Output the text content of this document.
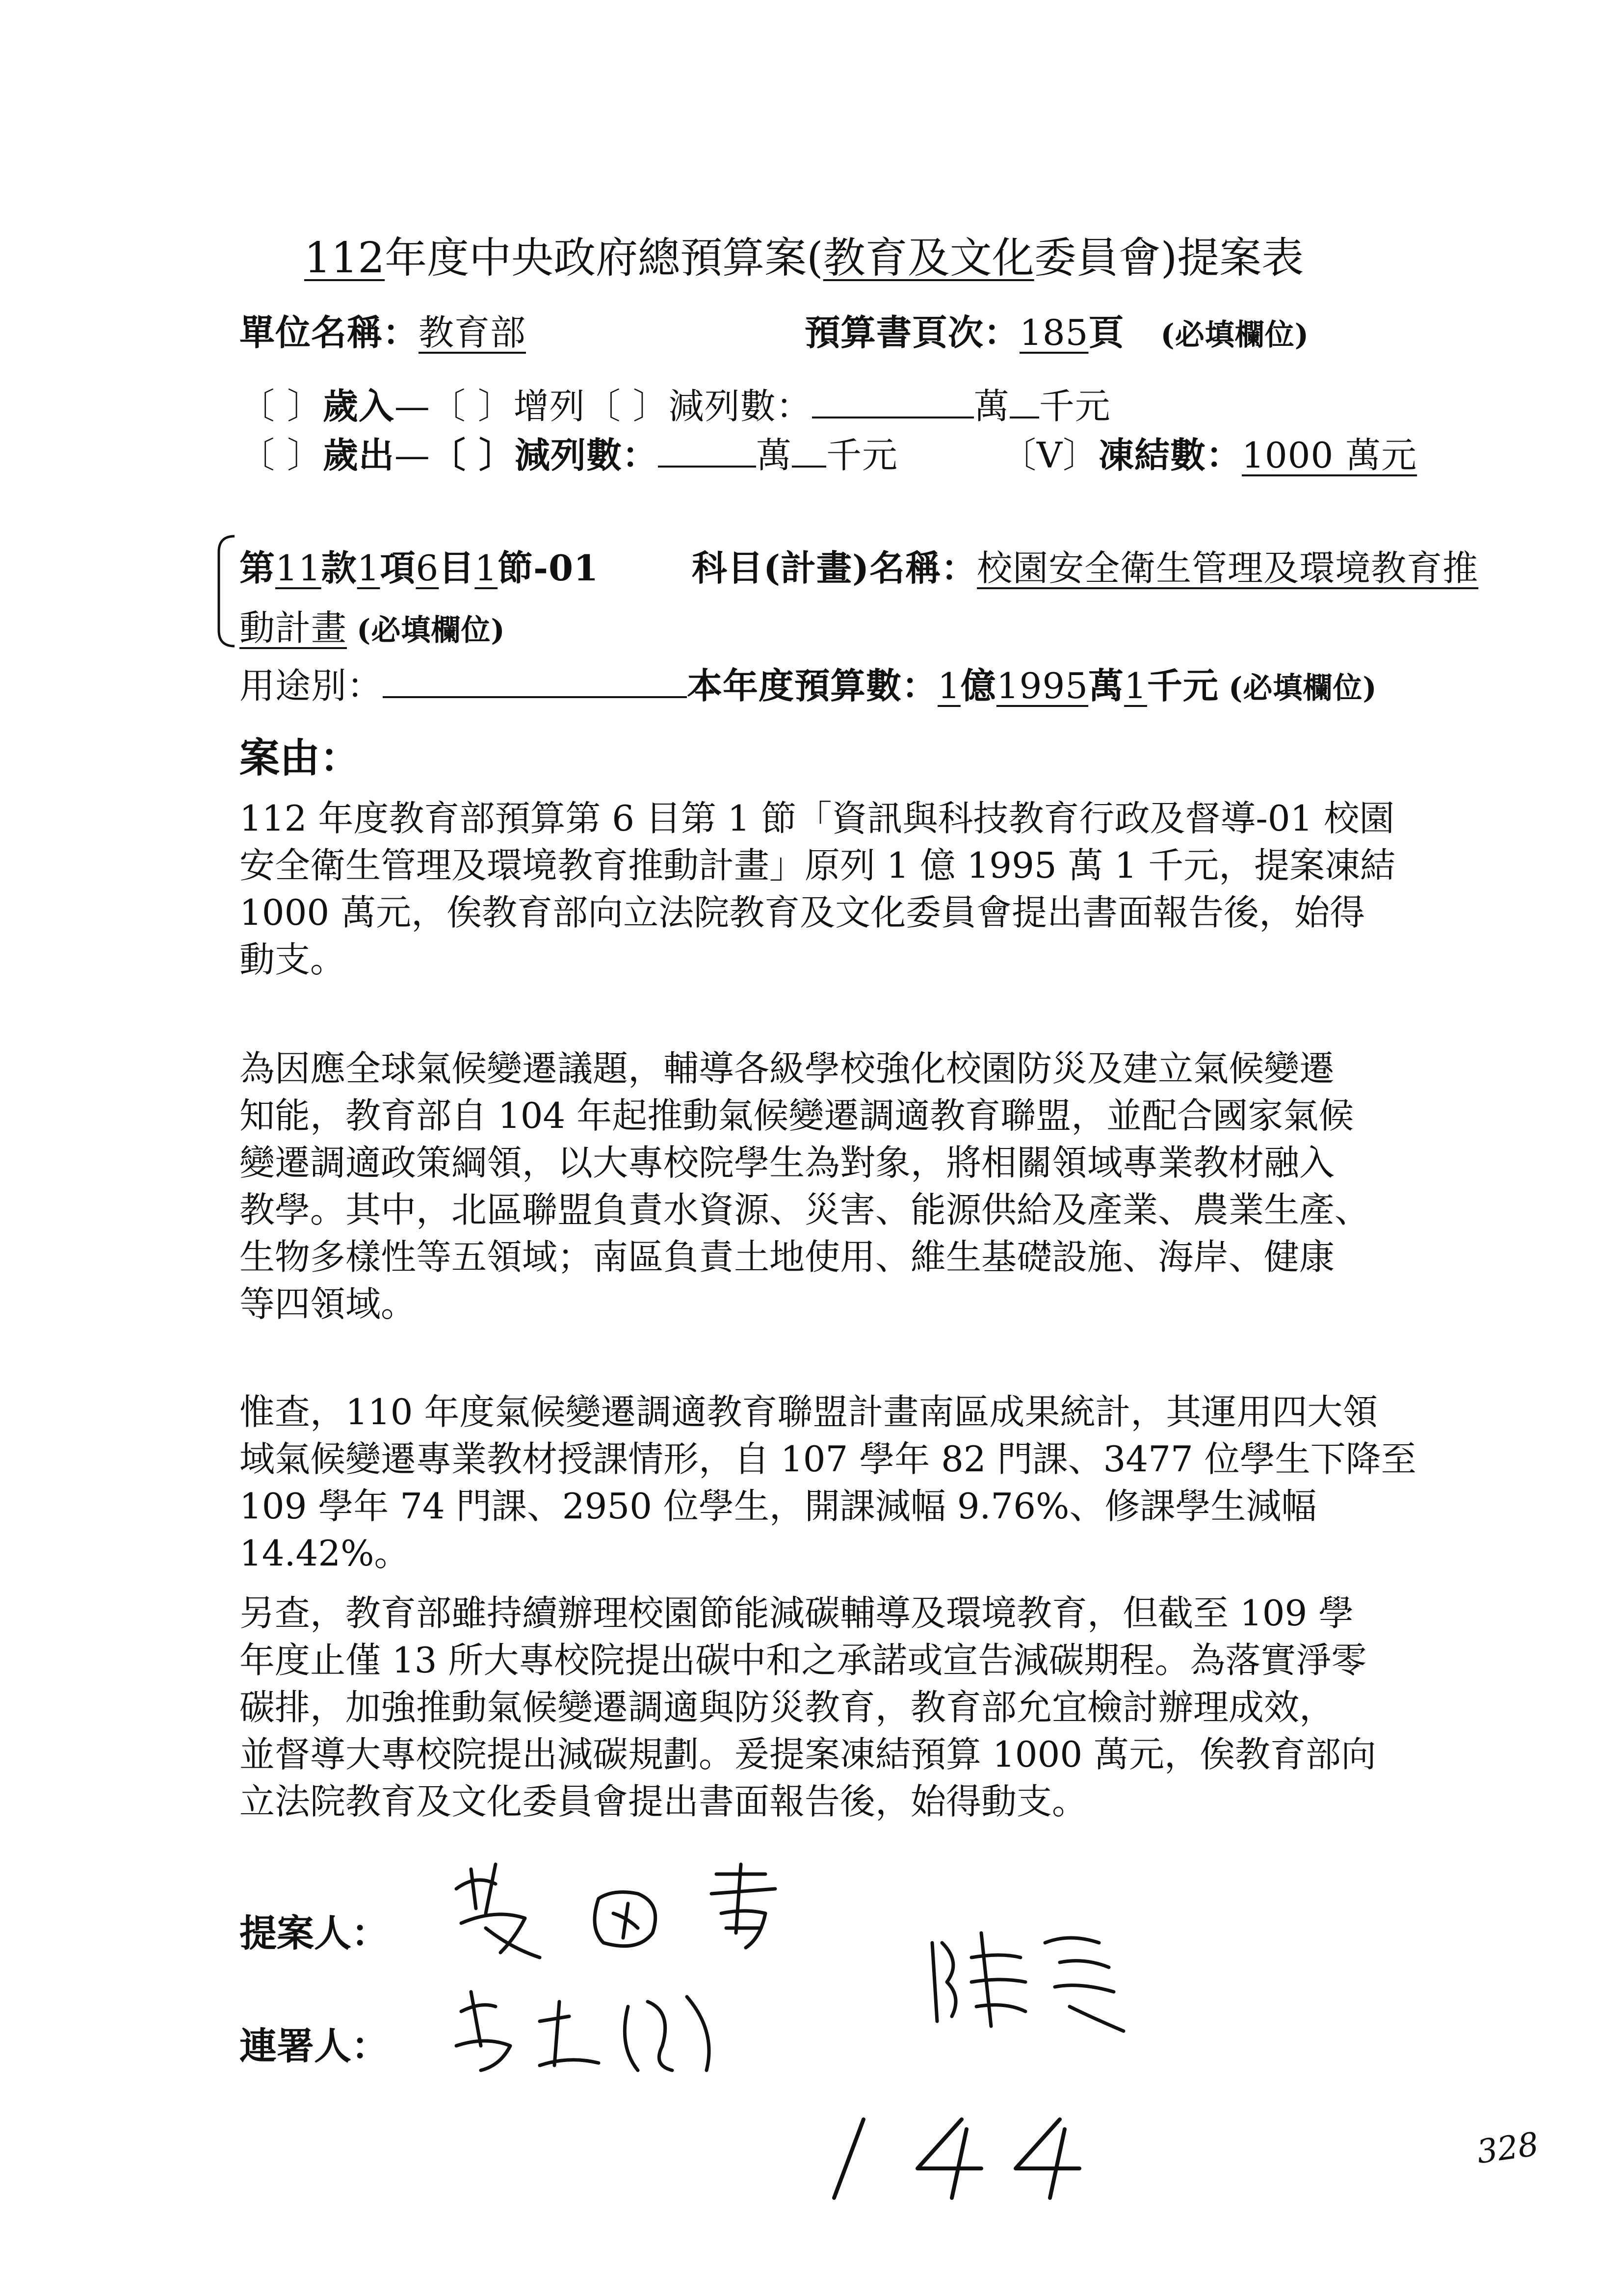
112年度中央政府總預算案(教育及文化委員會)提案表
單位名稱：教育部	預算書頁次：185頁 (必填欄位)
〔 〕歲入—〔 〕增列〔 〕減列數：	萬 千元
〔 〕歲出—〔 〕減列數：	萬 千元	〔V〕凍結數：1000 萬元
第11款1項6目1節-01	科目(計畫)名稱：校園安全衛生管理及環境教育推
動計畫 (必填欄位)
用途別：	本年度預算數：1億1995萬1千元 (必填欄位)
案由：
112 年度教育部預算第 6 目第 1 節「資訊與科技教育行政及督導-01 校園
安全衛生管理及環境教育推動計畫」原列 1 億 1995 萬 1 千元，提案凍結
1000 萬元，俟教育部向立法院教育及文化委員會提出書面報告後，始得
動支。
為因應全球氣候變遷議題，輔導各級學校強化校園防災及建立氣候變遷
知能，教育部自 104 年起推動氣候變遷調適教育聯盟，並配合國家氣候
變遷調適政策綱領，以大專校院學生為對象，將相關領域專業教材融入
教學。其中，北區聯盟負責水資源、災害、能源供給及產業、農業生產、
生物多樣性等五領域；南區負責土地使用、維生基礎設施、海岸、健康
等四領域。
惟查，110 年度氣候變遷調適教育聯盟計畫南區成果統計，其運用四大領
域氣候變遷專業教材授課情形，自 107 學年 82 門課、3477 位學生下降至
109 學年 74 門課、2950 位學生，開課減幅 9.76%、修課學生減幅 14.42%。
另查，教育部雖持續辦理校園節能減碳輔導及環境教育，但截至 109 學
年度止僅 13 所大專校院提出碳中和之承諾或宣告減碳期程。為落實淨零
碳排，加強推動氣候變遷調適與防災教育，教育部允宜檢討辦理成效，
並督導大專校院提出減碳規劃。爰提案凍結預算 1000 萬元，俟教育部向
立法院教育及文化委員會提出書面報告後，始得動支。
提案人：
連署人：
328
